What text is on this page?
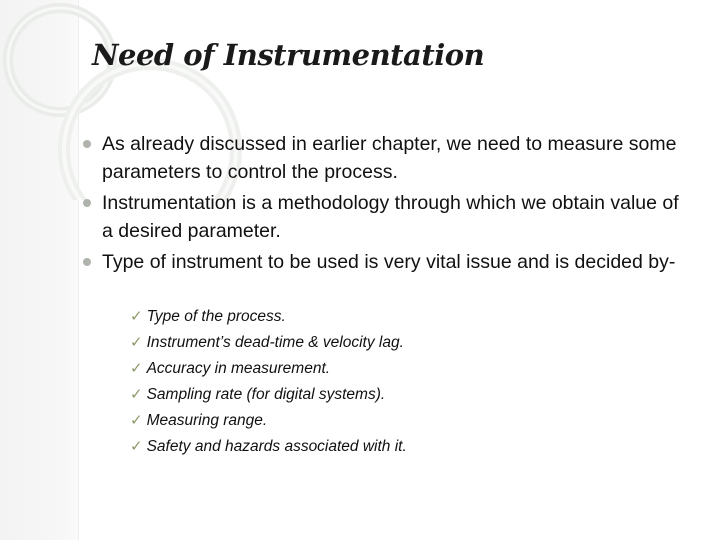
Need of Instrumentation
As already discussed in earlier chapter, we need to measure some parameters to control the process.
Instrumentation is a methodology through which we obtain value of a desired parameter.
Type of instrument to be used is very vital issue and is decided by-
✓ Type of the process.
✓ Instrument’s dead-time & velocity lag.
✓ Accuracy in measurement.
✓ Sampling rate (for digital systems).
✓ Measuring range.
✓ Safety and hazards associated with it.
